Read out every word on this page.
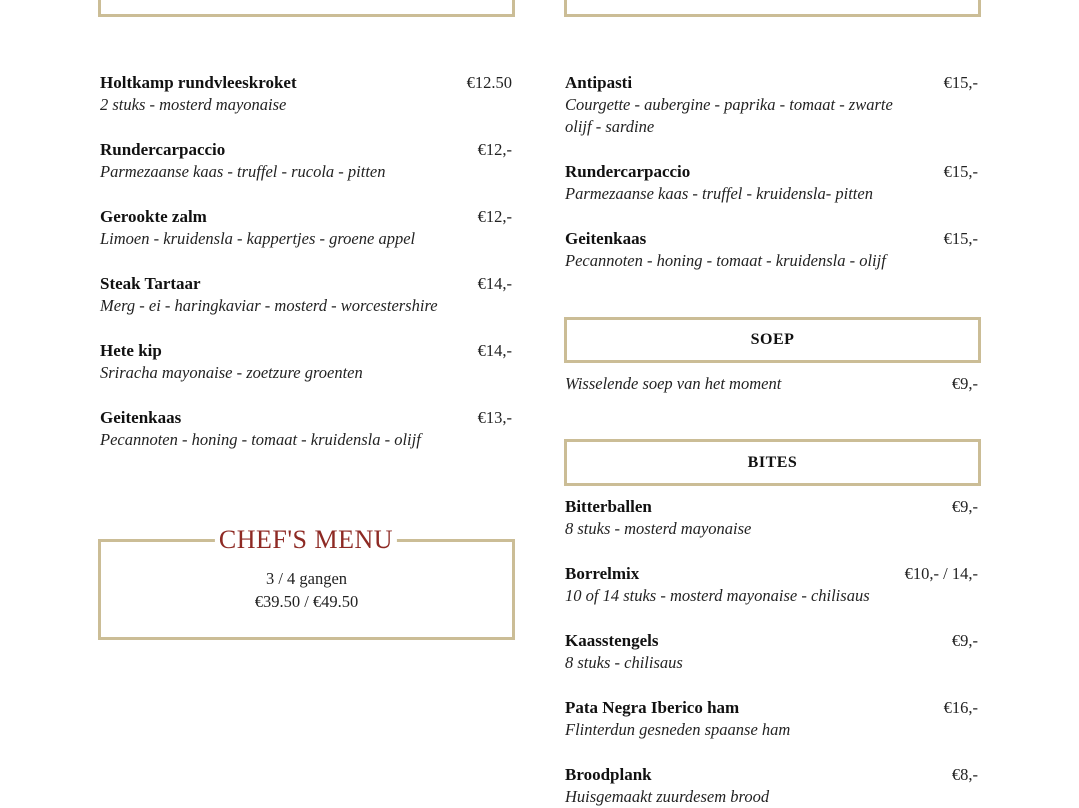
Holtkamp rundvleeskroket	€12.50
2 stuks - mosterd mayonaise
Rundercarpaccio	€12,-
Parmezaanse kaas - truffel - rucola - pitten
Gerookte zalm	€12,-
Limoen - kruidensla - kappertjes - groene appel
Steak Tartaar	€14,-
Merg - ei - haringkaviar - mosterd - worcestershire
Hete kip	€14,-
Sriracha mayonaise - zoetzure groenten
Geitenkaas	€13,-
Pecannoten - honing - tomaat - kruidensla - olijf
CHEF'S MENU
3 / 4 gangen
€39.50 / €49.50
Antipasti	€15,-
Courgette - aubergine - paprika - tomaat - zwarte olijf - sardine
Rundercarpaccio	€15,-
Parmezaanse kaas - truffel - kruidensla- pitten
Geitenkaas	€15,-
Pecannoten - honing - tomaat - kruidensla - olijf
SOEP
Wisselende soep van het moment	€9,-
BITES
Bitterballen	€9,-
8 stuks - mosterd mayonaise
Borrelmix	€10,- / 14,-
10 of 14 stuks - mosterd mayonaise - chilisaus
Kaasstengels	€9,-
8 stuks - chilisaus
Pata Negra Iberico ham	€16,-
Flinterdun gesneden spaanse ham
Broodplank	€8,-
Huisgemaakt zuurdesem brood
